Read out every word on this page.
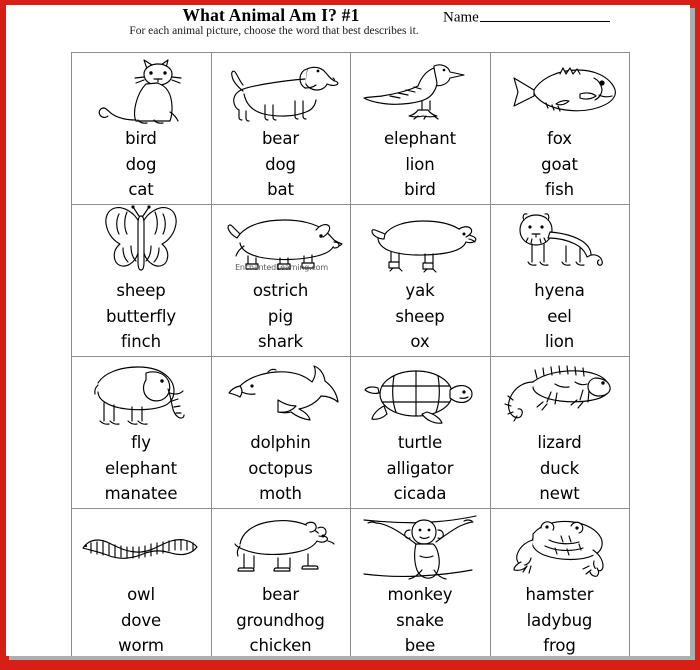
What Animal Am I? #1
For each animal picture, choose the word that best describes it.
Name
bird
dog
cat
bear
dog
bat
elephant
lion
bird
fox
goat
fish
sheep
butterfly
finch
EnchantedLearning.com
ostrich
pig
shark
yak
sheep
ox
hyena
eel
lion
fly
elephant
manatee
dolphin
octopus
moth
turtle
alligator
cicada
lizard
duck
newt
owl
dove
worm
bear
groundhog
chicken
monkey
snake
bee
hamster
ladybug
frog
